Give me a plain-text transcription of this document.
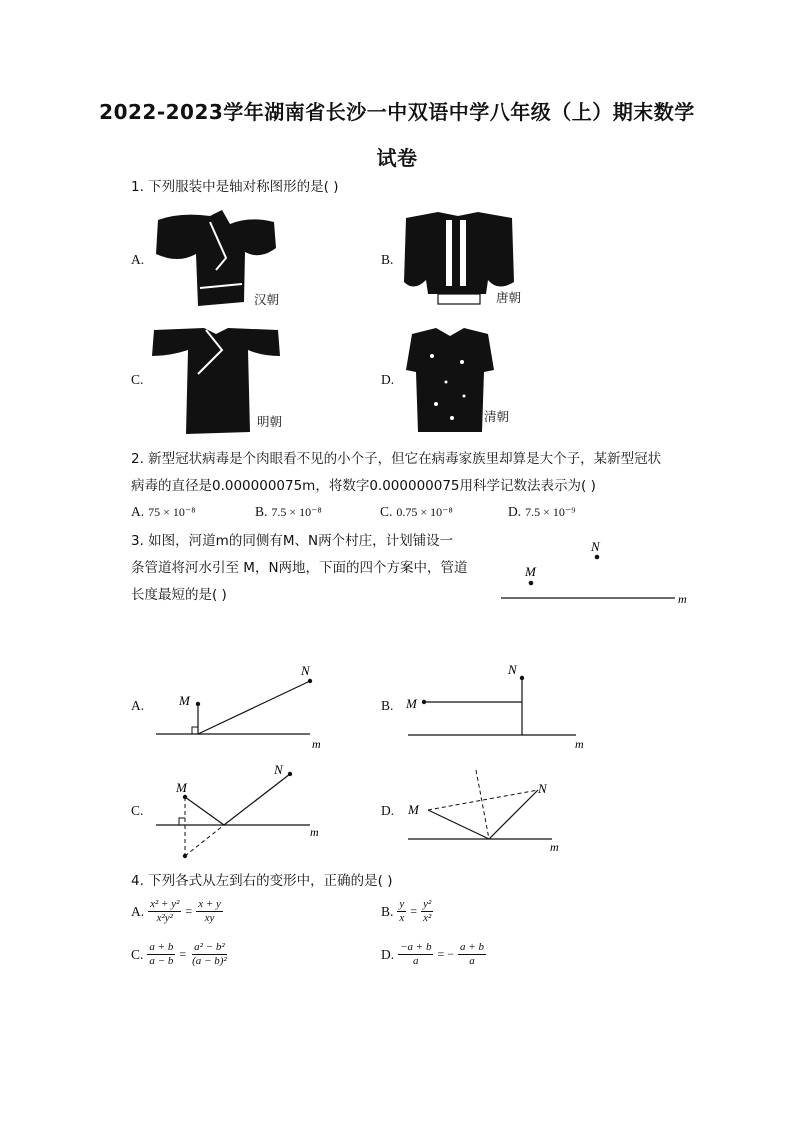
2022-2023学年湖南省长沙一中双语中学八年级（上）期末数学
试卷
1. 下列服装中是轴对称图形的是( )
A.
汉朝
B.
唐朝
C.
明朝
D.
清朝
2. 新型冠状病毒是个肉眼看不见的小个子，但它在病毒家族里却算是大个子，某新型冠状
病毒的直径是0.000000075m，将数字0.000000075用科学记数法表示为( )
A. 75 × 10⁻⁸	B. 7.5 × 10⁻⁸	C. 0.75 × 10⁻⁸	D. 7.5 × 10⁻⁹
3. 如图，河道m的同侧有M、N两个村庄，计划铺设一
条管道将河水引至 M，N两地，下面的四个方案中，管道
长度最短的是( )
M
N
m
A.	M
N
m
B. M
N
m
C.
M
N
m
D. M
N
m
4. 下列各式从左到右的变形中，正确的是( )
A. $\frac{\text{x² + y²}}{\text{x²y²}} = \frac{x + y}{xy}$	B. $\frac{y}{x} = \frac{\text{y²}}{\text{x²}}$
C. $\frac{a + b}{a - b} = \frac{\text{a² − b²}}{\text{(a − b)²}}$	D. $\frac{-a + b}{a}$ = − $\frac{a + b}{a}$
